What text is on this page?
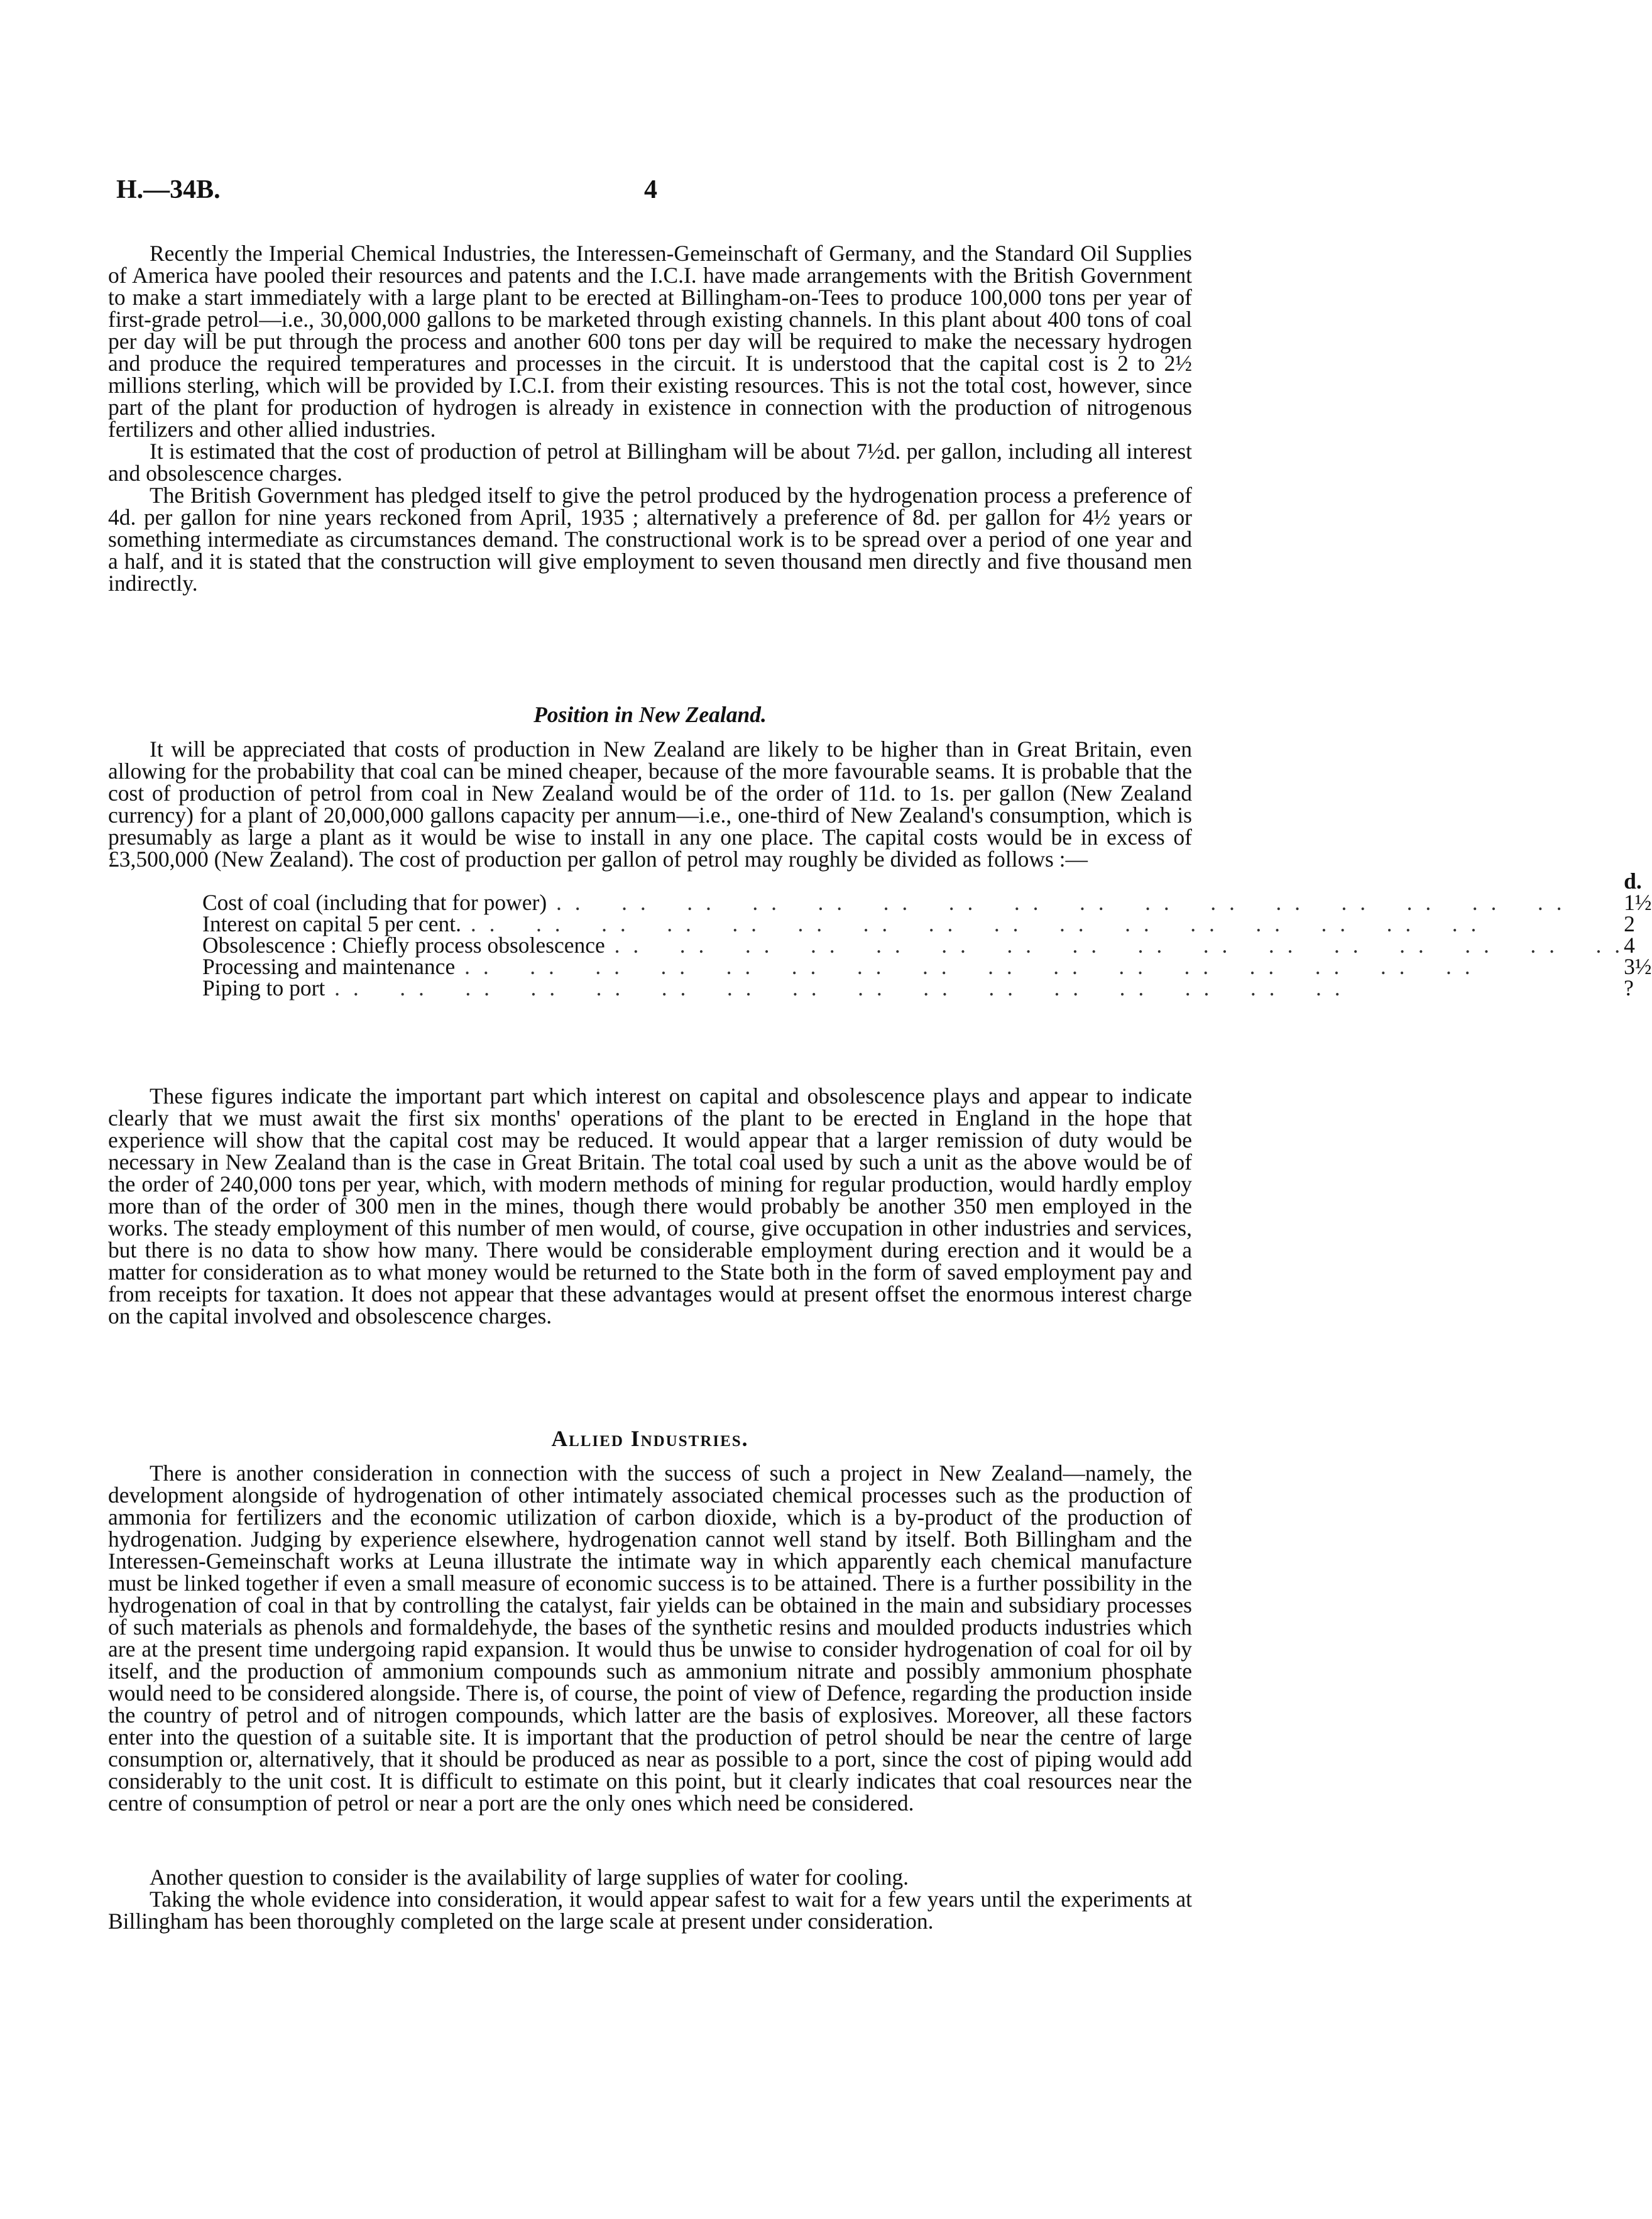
H.—34B.	4

Recently the Imperial Chemical Industries, the Interessen-Gemeinschaft of Germany, and the Standard Oil Supplies of America have pooled their resources and patents and the I.C.I. have made arrangements with the British Government to make a start immediately with a large plant to be erected at Billingham-on-Tees to produce 100,000 tons per year of first-grade petrol—i.e., 30,000,000 gallons to be marketed through existing channels. In this plant about 400 tons of coal per day will be put through the process and another 600 tons per day will be required to make the necessary hydrogen and produce the required temperatures and processes in the circuit. It is understood that the capital cost is 2 to 2½ millions sterling, which will be provided by I.C.I. from their existing resources. This is not the total cost, however, since part of the plant for production of hydrogen is already in existence in connection with the production of nitrogenous fertilizers and other allied industries.

It is estimated that the cost of production of petrol at Billingham will be about 7½d. per gallon, including all interest and obsolescence charges.

The British Government has pledged itself to give the petrol produced by the hydrogenation process a preference of 4d. per gallon for nine years reckoned from April, 1935 ; alternatively a preference of 8d. per gallon for 4½ years or something intermediate as circumstances demand. The constructional work is to be spread over a period of one year and a half, and it is stated that the construction will give employment to seven thousand men directly and five thousand men indirectly.

Position in New Zealand.

It will be appreciated that costs of production in New Zealand are likely to be higher than in Great Britain, even allowing for the probability that coal can be mined cheaper, because of the more favourable seams. It is probable that the cost of production of petrol from coal in New Zealand would be of the order of 11d. to 1s. per gallon (New Zealand currency) for a plant of 20,000,000 gallons capacity per annum—i.e., one-third of New Zealand's consumption, which is presumably as large a plant as it would be wise to install in any one place. The capital costs would be in excess of £3,500,000 (New Zealand). The cost of production per gallon of petrol may roughly be divided as follows :—

	d.
Cost of coal (including that for power) . .	1½
Interest on capital 5 per cent. . .	2
Obsolescence : Chiefly process obsolescence . .	4
Processing and maintenance . .	3½
Piping to port . .	?

These figures indicate the important part which interest on capital and obsolescence plays and appear to indicate clearly that we must await the first six months' operations of the plant to be erected in England in the hope that experience will show that the capital cost may be reduced. It would appear that a larger remission of duty would be necessary in New Zealand than is the case in Great Britain. The total coal used by such a unit as the above would be of the order of 240,000 tons per year, which, with modern methods of mining for regular production, would hardly employ more than of the order of 300 men in the mines, though there would probably be another 350 men employed in the works. The steady employment of this number of men would, of course, give occupation in other industries and services, but there is no data to show how many. There would be considerable employment during erection and it would be a matter for consideration as to what money would be returned to the State both in the form of saved employment pay and from receipts for taxation. It does not appear that these advantages would at present offset the enormous interest charge on the capital involved and obsolescence charges.

Allied Industries.

There is another consideration in connection with the success of such a project in New Zealand—namely, the development alongside of hydrogenation of other intimately associated chemical processes such as the production of ammonia for fertilizers and the economic utilization of carbon dioxide, which is a by-product of the production of hydrogenation. Judging by experience elsewhere, hydrogenation cannot well stand by itself. Both Billingham and the Interessen-Gemeinschaft works at Leuna illustrate the intimate way in which apparently each chemical manufacture must be linked together if even a small measure of economic success is to be attained. There is a further possibility in the hydrogenation of coal in that by controlling the catalyst, fair yields can be obtained in the main and subsidiary processes of such materials as phenols and formaldehyde, the bases of the synthetic resins and moulded products industries which are at the present time undergoing rapid expansion. It would thus be unwise to consider hydrogenation of coal for oil by itself, and the production of ammonium compounds such as ammonium nitrate and possibly ammonium phosphate would need to be considered alongside. There is, of course, the point of view of Defence, regarding the production inside the country of petrol and of nitrogen compounds, which latter are the basis of explosives. Moreover, all these factors enter into the question of a suitable site. It is important that the production of petrol should be near the centre of large consumption or, alternatively, that it should be produced as near as possible to a port, since the cost of piping would add considerably to the unit cost. It is difficult to estimate on this point, but it clearly indicates that coal resources near the centre of consumption of petrol or near a port are the only ones which need be considered.

Another question to consider is the availability of large supplies of water for cooling.

Taking the whole evidence into consideration, it would appear safest to wait for a few years until the experiments at Billingham has been thoroughly completed on the large scale at present under consideration.
